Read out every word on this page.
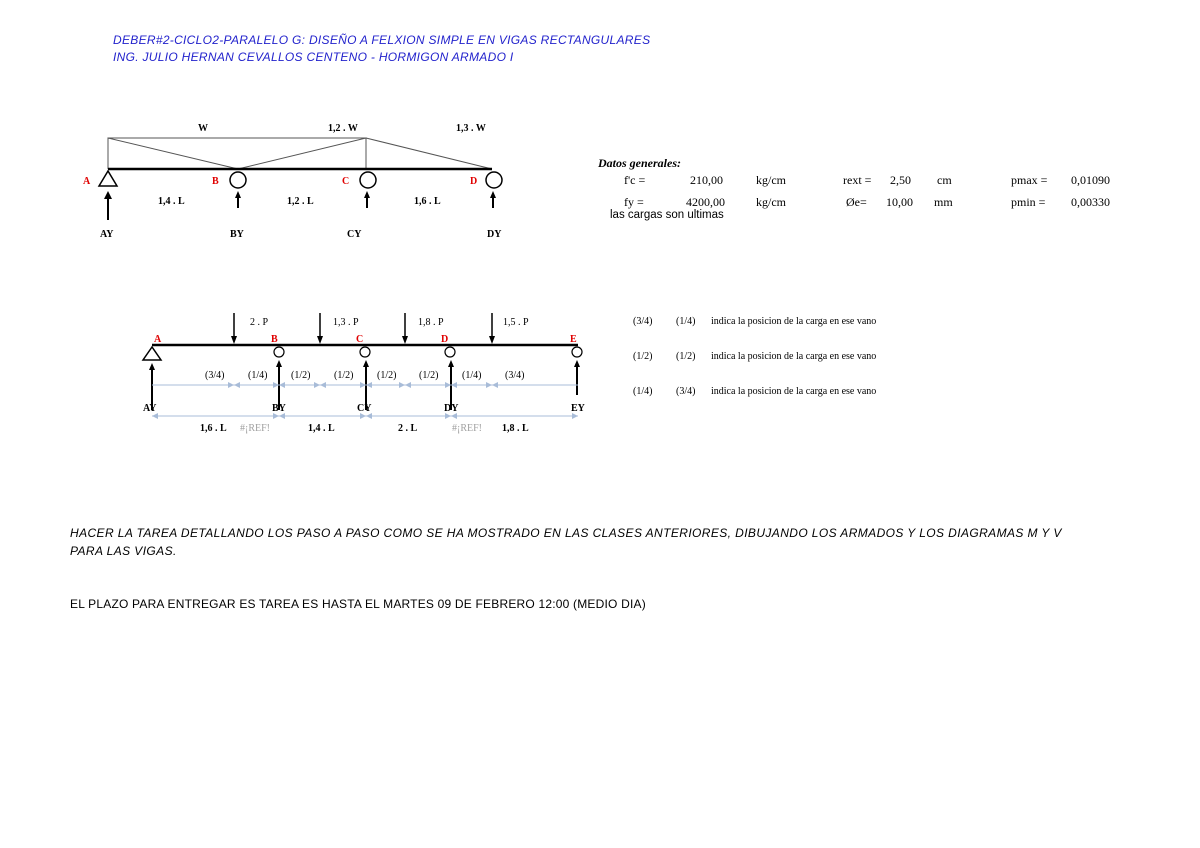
DEBER#2-CICLO2-PARALELO G: DISEÑO A FELXION SIMPLE EN VIGAS RECTANGULARES
ING. JULIO HERNAN CEVALLOS CENTENO - HORMIGON ARMADO I
W	1,2 . W	1,3 . W
A	B	C	D
1,4 . L	1,2 . L	1,6 . L
AY	BY	CY	DY
Datos generales:
f'c =	210,00	kg/cm	rext = 2,50 cm	pmax = 0,01090
fy =	4200,00	kg/cm	Øe= 10,00 mm	pmin = 0,00330
las cargas son ultimas
2 . P	1,3 . P	1,8 . P	1,5 . P
A	B	C	D	E
(3/4) (1/4) (1/2) (1/2) (1/2) (1/2) (1/4) (3/4)
AY	BY	CY	DY	EY
1,6 . L #¡REF!	1,4 . L	2 . L	#¡REF! 1,8 . L
(3/4) (1/4) indica la posicion de la carga en ese vano
(1/2) (1/2) indica la posicion de la carga en ese vano
(1/4) (3/4) indica la posicion de la carga en ese vano
HACER LA TAREA DETALLANDO LOS PASO A PASO COMO SE HA MOSTRADO EN LAS CLASES ANTERIORES, DIBUJANDO LOS ARMADOS Y LOS DIAGRAMAS M Y V
PARA LAS VIGAS.
EL PLAZO PARA ENTREGAR ES TAREA ES HASTA EL MARTES 09 DE FEBRERO 12:00 (MEDIO DIA)
